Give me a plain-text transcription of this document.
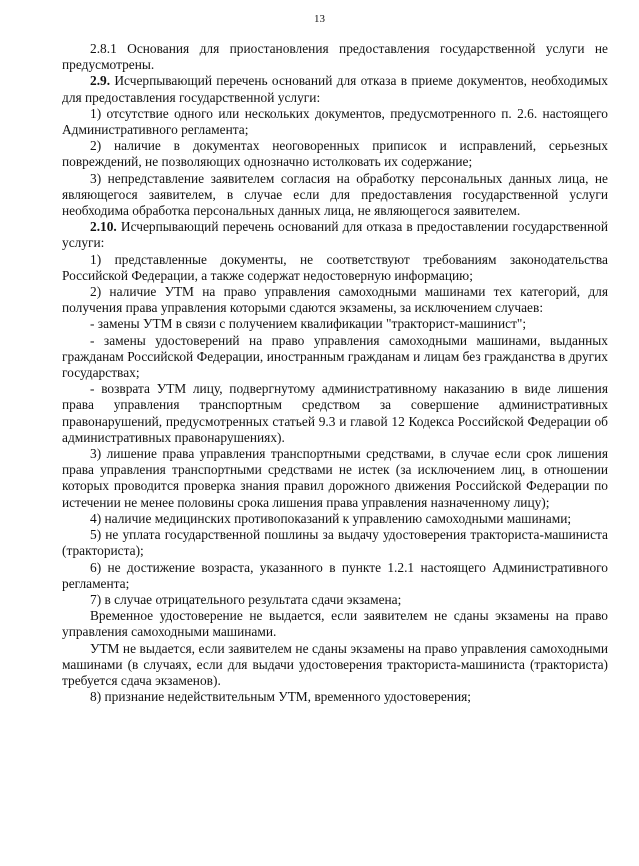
13

2.8.1 Основания для приостановления предоставления государственной услуги не предусмотрены.

2.9. Исчерпывающий перечень оснований для отказа в приеме документов, необходимых для предоставления государственной услуги:

1) отсутствие одного или нескольких документов, предусмотренного п. 2.6. настоящего Административного регламента;

2) наличие в документах неоговоренных приписок и исправлений, серьезных повреждений, не позволяющих однозначно истолковать их содержание;

3) непредставление заявителем согласия на обработку персональных данных лица, не являющегося заявителем, в случае если для предоставления государственной услуги необходима обработка персональных данных лица, не являющегося заявителем.

2.10. Исчерпывающий перечень оснований для отказа в предоставлении государственной услуги:

1) представленные документы, не соответствуют требованиям законодательства Российской Федерации, а также содержат недостоверную информацию;

2) наличие УТМ на право управления самоходными машинами тех категорий, для получения права управления которыми сдаются экзамены, за исключением случаев:

- замены УТМ в связи с получением квалификации "тракторист-машинист";

- замены удостоверений на право управления самоходными машинами, выданных гражданам Российской Федерации, иностранным гражданам и лицам без гражданства в других государствах;

- возврата УТМ лицу, подвергнутому административному наказанию в виде лишения права управления транспортным средством за совершение административных правонарушений, предусмотренных статьей 9.3 и главой 12 Кодекса Российской Федерации об административных правонарушениях).

3) лишение права управления транспортными средствами, в случае если срок лишения права управления транспортными средствами не истек (за исключением лиц, в отношении которых проводится проверка знания правил дорожного движения Российской Федерации по истечении не менее половины срока лишения права управления назначенному лицу);

4) наличие медицинских противопоказаний к управлению самоходными машинами;

5) не уплата государственной пошлины за выдачу удостоверения тракториста-машиниста (тракториста);

6) не достижение возраста, указанного в пункте 1.2.1 настоящего Административного регламента;

7) в случае отрицательного результата сдачи экзамена;

Временное удостоверение не выдается, если заявителем не сданы экзамены на право управления самоходными машинами.

УТМ не выдается, если заявителем не сданы экзамены на право управления самоходными машинами (в случаях, если для выдачи удостоверения тракториста-машиниста (тракториста) требуется сдача экзаменов).

8) признание недействительным УТМ, временного удостоверения;
